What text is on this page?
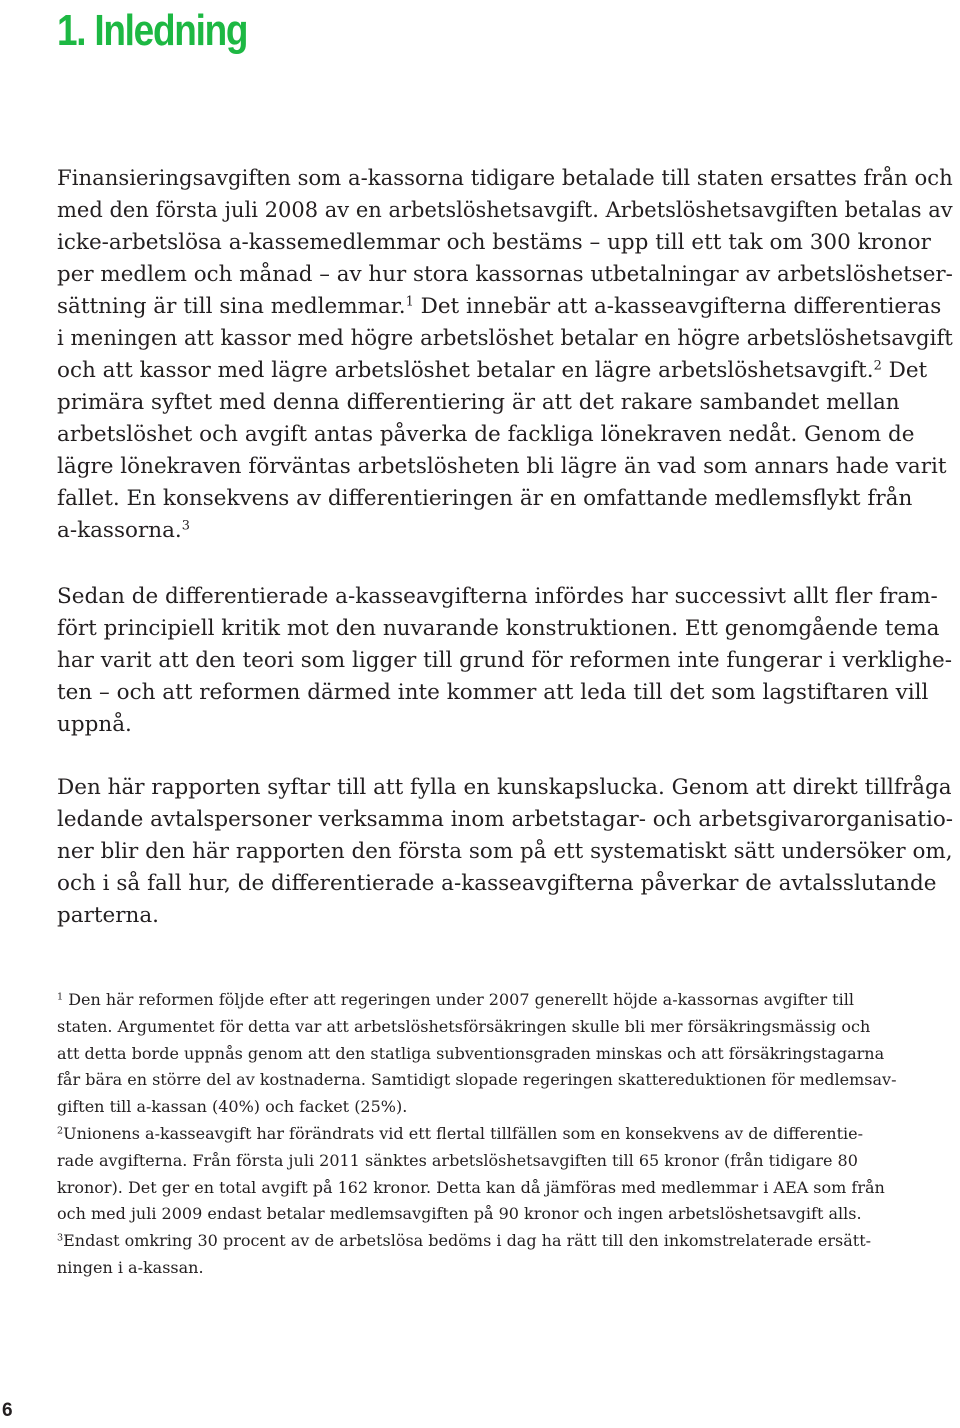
1. Inledning
Finansieringsavgiften som a-kassorna tidigare betalade till staten ersattes från och
med den första juli 2008 av en arbetslöshetsavgift. Arbetslöshetsavgiften betalas av
icke-arbetslösa a-kassemedlemmar och bestäms – upp till ett tak om 300 kronor
per medlem och månad – av hur stora kassornas utbetalningar av arbetslöshetser-
sättning är till sina medlemmar.$^1$ Det innebär att a-kasseavgifterna differentieras
i meningen att kassor med högre arbetslöshet betalar en högre arbetslöshetsavgift
och att kassor med lägre arbetslöshet betalar en lägre arbetslöshetsavgift.$^2$ Det
primära syftet med denna differentiering är att det rakare sambandet mellan
arbetslöshet och avgift antas påverka de fackliga lönekraven nedåt. Genom de
lägre lönekraven förväntas arbetslösheten bli lägre än vad som annars hade varit
fallet. En konsekvens av differentieringen är en omfattande medlemsflykt från
a-kassorna.$^3$
Sedan de differentierade a-kasseavgifterna infördes har successivt allt fler fram-
fört principiell kritik mot den nuvarande konstruktionen. Ett genomgående tema
har varit att den teori som ligger till grund för reformen inte fungerar i verklighe-
ten – och att reformen därmed inte kommer att leda till det som lagstiftaren vill
uppnå.
Den här rapporten syftar till att fylla en kunskapslucka. Genom att direkt tillfråga
ledande avtalspersoner verksamma inom arbetstagar- och arbetsgivarorganisatio-
ner blir den här rapporten den första som på ett systematiskt sätt undersöker om,
och i så fall hur, de differentierade a-kasseavgifterna påverkar de avtalsslutande
parterna.
$^1$ Den här reformen följde efter att regeringen under 2007 generellt höjde a-kassornas avgifter till
staten. Argumentet för detta var att arbetslöshetsförsäkringen skulle bli mer försäkringsmässig och
att detta borde uppnås genom att den statliga subventionsgraden minskas och att försäkringstagarna
får bära en större del av kostnaderna. Samtidigt slopade regeringen skattereduktionen för medlemsav-
giften till a-kassan (40%) och facket (25%).
$^2$Unionens a-kasseavgift har förändrats vid ett flertal tillfällen som en konsekvens av de differentie-
rade avgifterna. Från första juli 2011 sänktes arbetslöshetsavgiften till 65 kronor (från tidigare 80
kronor). Det ger en total avgift på 162 kronor. Detta kan då jämföras med medlemmar i AEA som från
och med juli 2009 endast betalar medlemsavgiften på 90 kronor och ingen arbetslöshetsavgift alls.
$^3$Endast omkring 30 procent av de arbetslösa bedöms i dag ha rätt till den inkomstrelaterade ersätt-
ningen i a-kassan.
6
